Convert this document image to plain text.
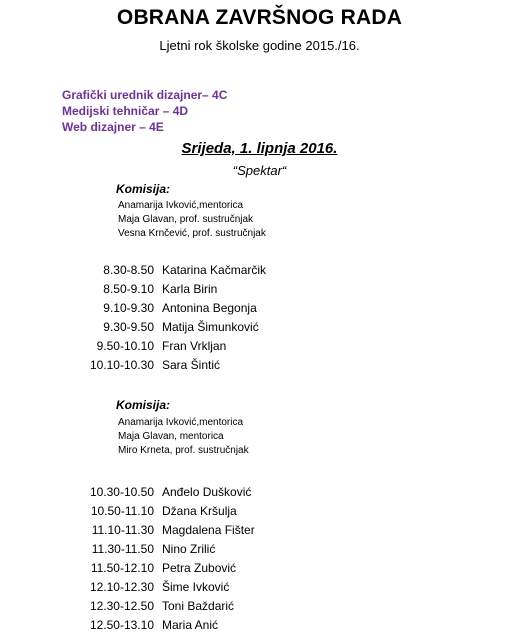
OBRANA ZAVRŠNOG RADA
Ljetni rok školske godine 2015./16.
Grafički urednik dizajner– 4C
Medijski tehničar – 4D
Web dizajner – 4E
Srijeda, 1. lipnja 2016.
“Spektar“
Komisija:
Anamarija Ivković,mentorica
Maja Glavan, prof. sustručnjak
Vesna Krnčević, prof. sustručnjak
8.30-8.50 Katarina Kačmarčik
8.50-9.10 Karla Birin
9.10-9.30 Antonina Begonja
9.30-9.50 Matija Šimunković
9.50-10.10 Fran Vrkljan
10.10-10.30 Sara Šintić
Komisija:
Anamarija Ivković,mentorica
Maja Glavan, mentorica
Miro Krneta, prof. sustručnjak
10.30-10.50 Anđelo Dušković
10.50-11.10 Džana Kršulja
11.10-11.30 Magdalena Fišter
11.30-11.50 Nino Zrilić
11.50-12.10 Petra Zubović
12.10-12.30 Šime Ivković
12.30-12.50 Toni Baždarić
12.50-13.10 Maria Anić
